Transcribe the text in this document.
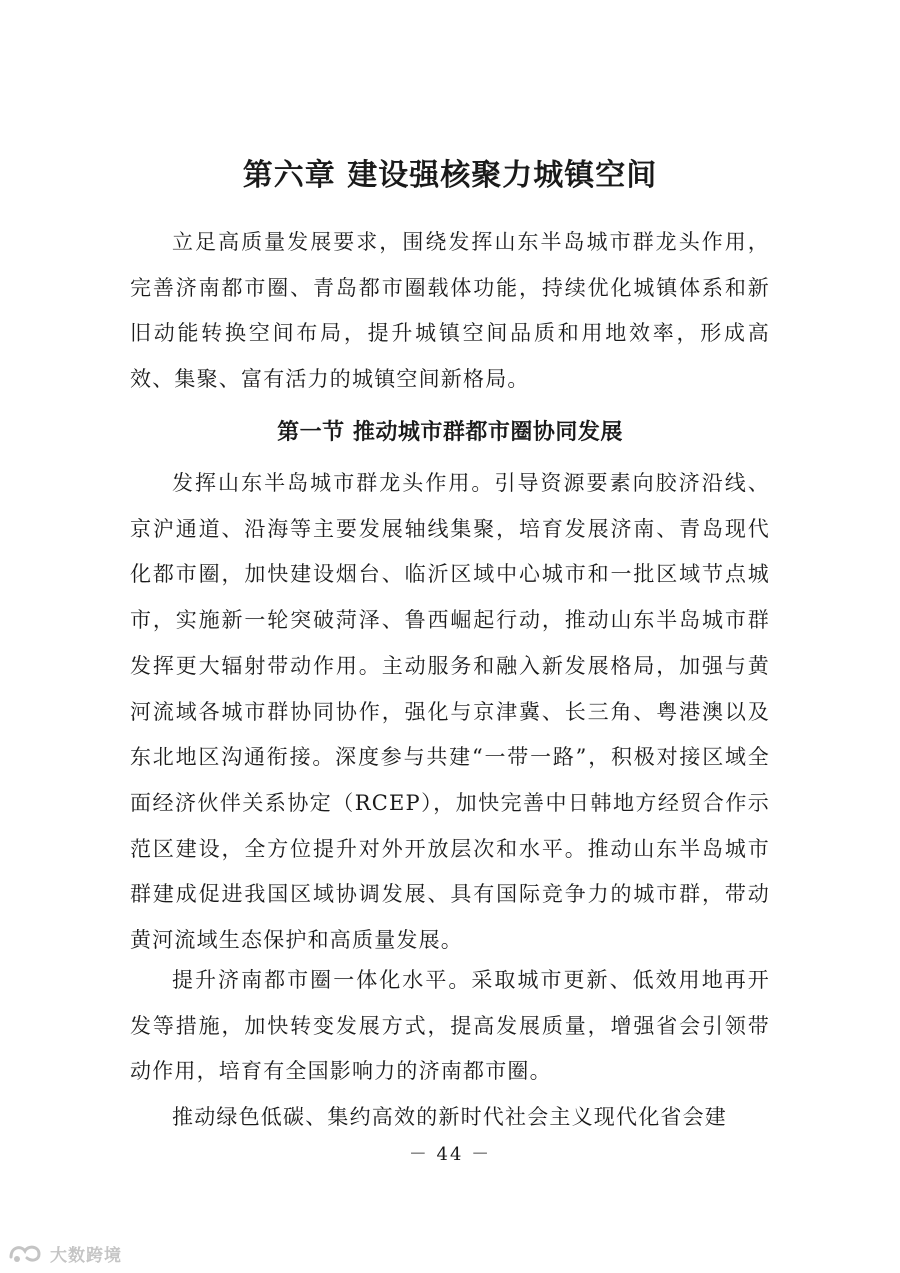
第六章 建设强核聚力城镇空间

立足高质量发展要求，围绕发挥山东半岛城市群龙头作用，完善济南都市圈、青岛都市圈载体功能，持续优化城镇体系和新旧动能转换空间布局，提升城镇空间品质和用地效率，形成高效、集聚、富有活力的城镇空间新格局。

第一节 推动城市群都市圈协同发展

发挥山东半岛城市群龙头作用。引导资源要素向胶济沿线、京沪通道、沿海等主要发展轴线集聚，培育发展济南、青岛现代化都市圈，加快建设烟台、临沂区域中心城市和一批区域节点城市，实施新一轮突破菏泽、鲁西崛起行动，推动山东半岛城市群发挥更大辐射带动作用。主动服务和融入新发展格局，加强与黄河流域各城市群协同协作，强化与京津冀、长三角、粤港澳以及东北地区沟通衔接。深度参与共建“一带一路”，积极对接区域全面经济伙伴关系协定（RCEP），加快完善中日韩地方经贸合作示范区建设，全方位提升对外开放层次和水平。推动山东半岛城市群建成促进我国区域协调发展、具有国际竞争力的城市群，带动黄河流域生态保护和高质量发展。

提升济南都市圈一体化水平。采取城市更新、低效用地再开发等措施，加快转变发展方式，提高发展质量，增强省会引领带动作用，培育有全国影响力的济南都市圈。

推动绿色低碳、集约高效的新时代社会主义现代化省会建

－ 44 －
大数跨境
